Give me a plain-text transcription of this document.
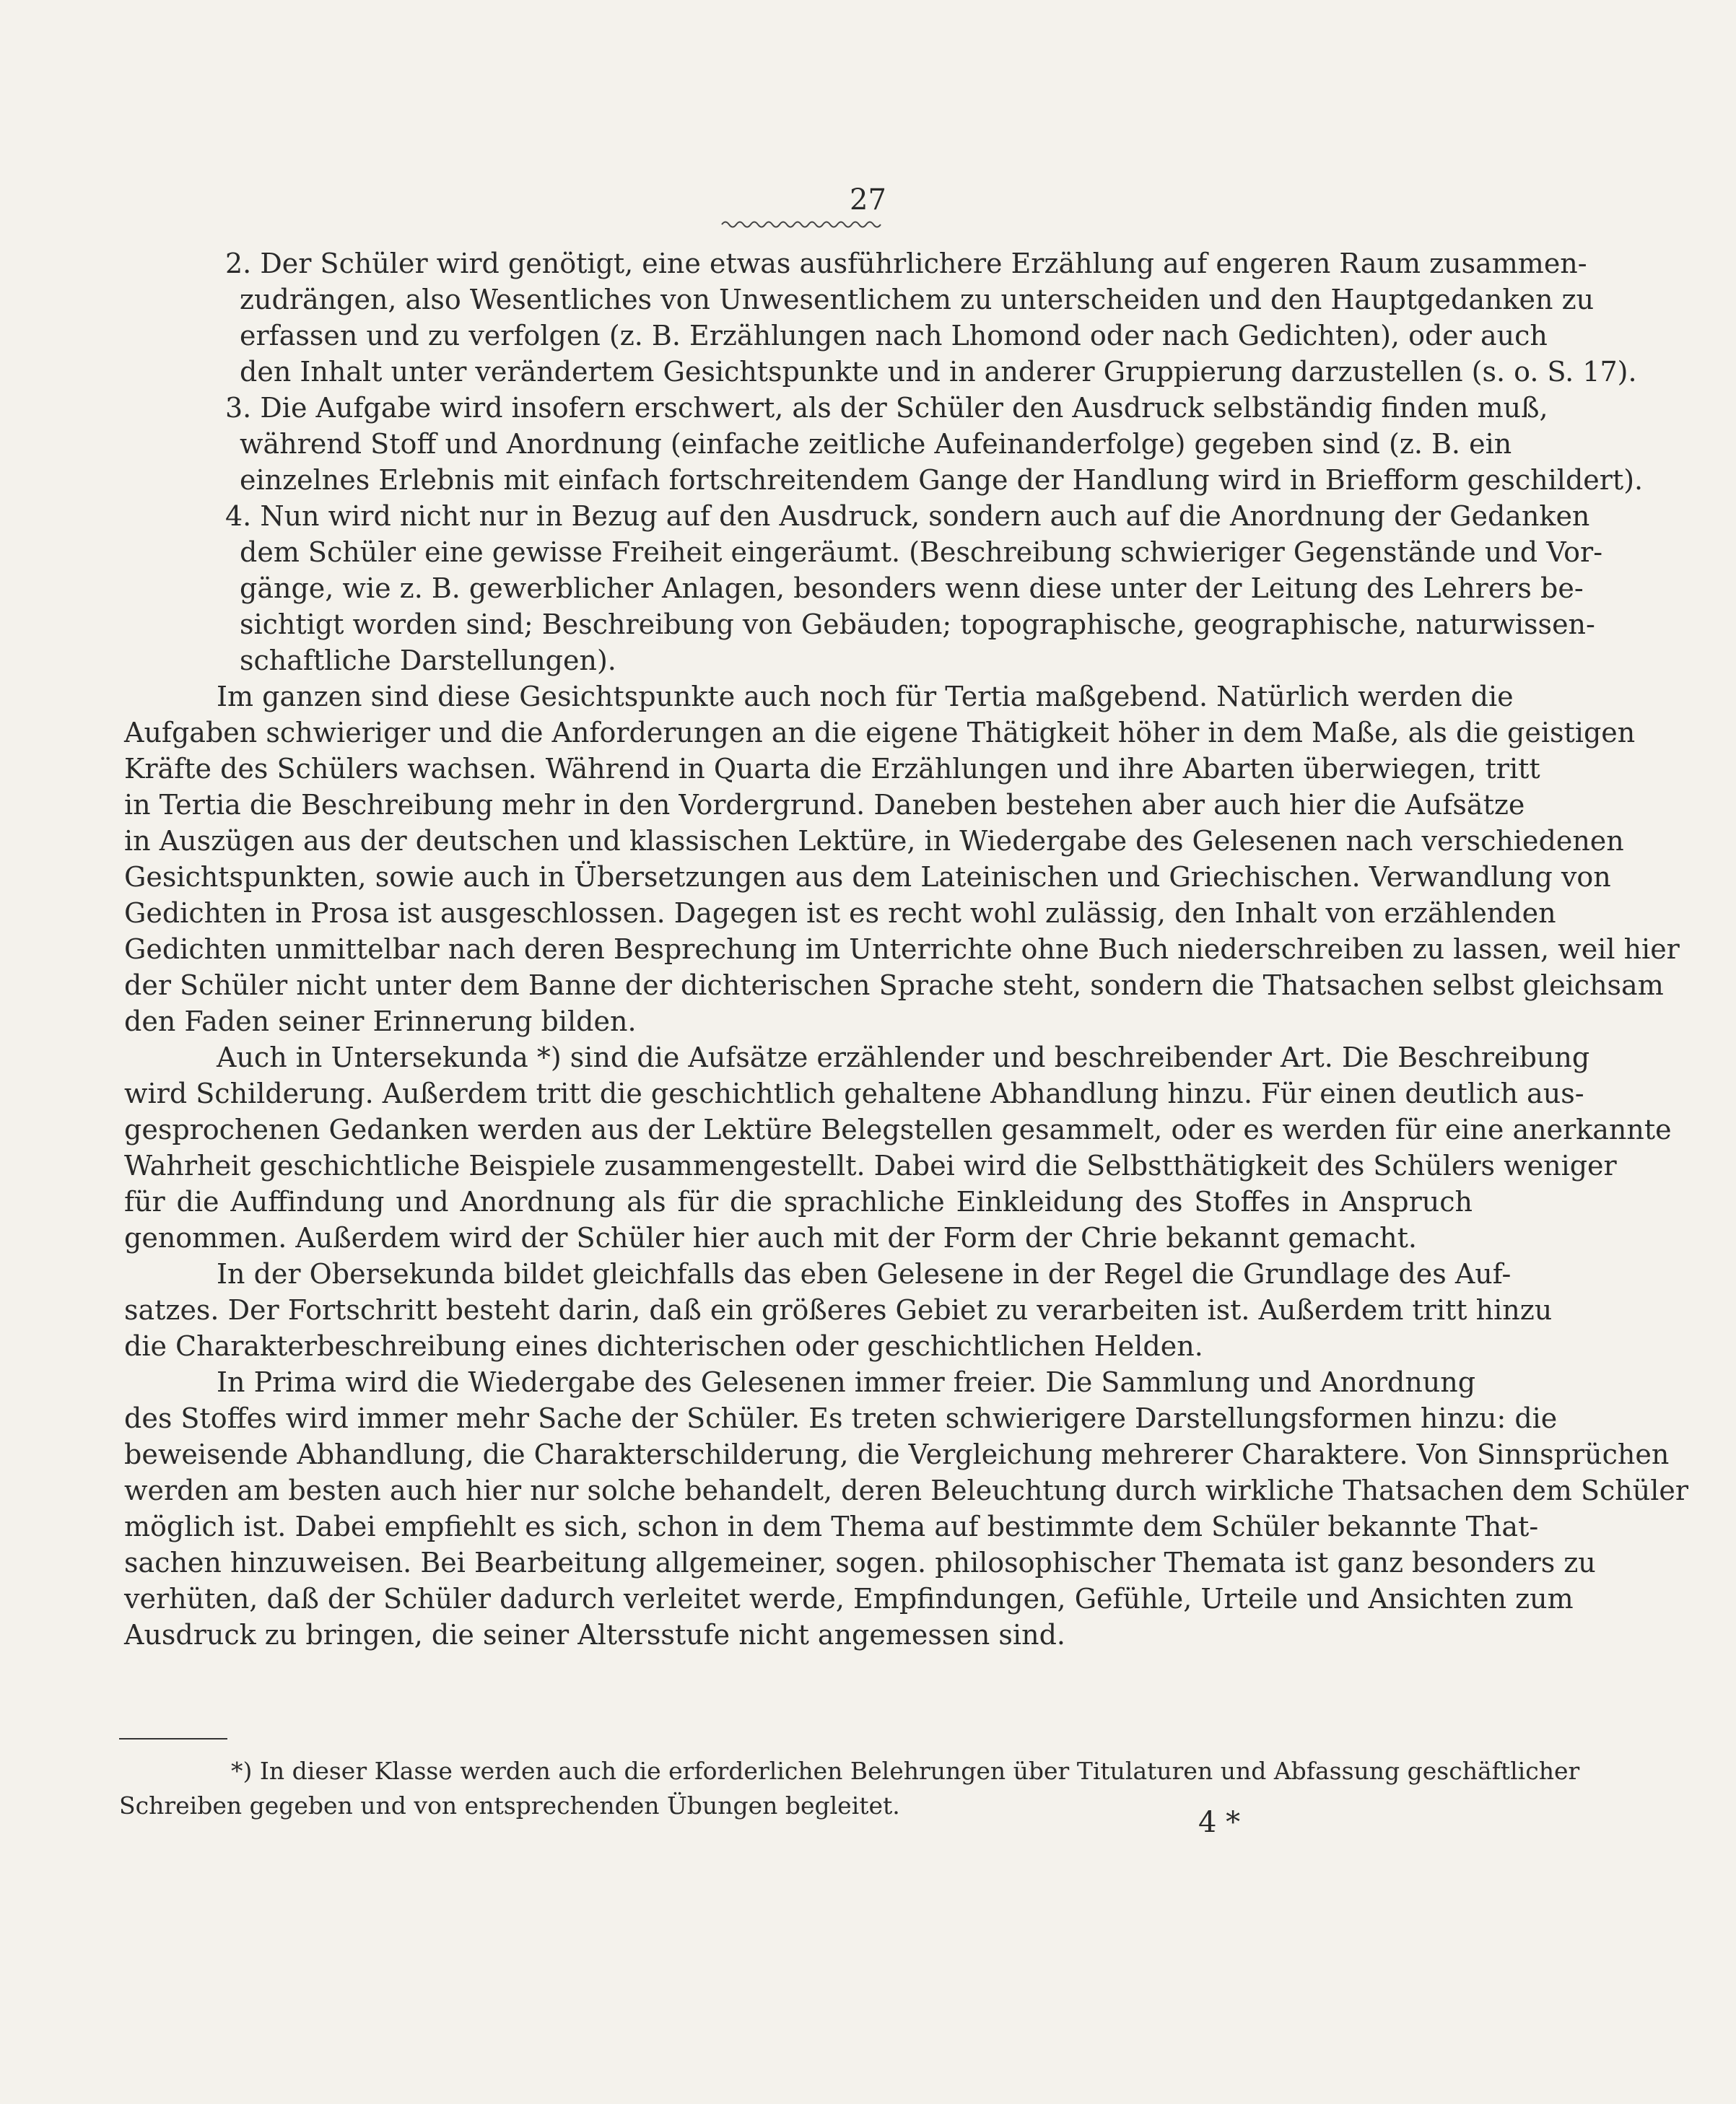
27
2. Der Schüler wird genötigt, eine etwas ausführlichere Erzählung auf engeren Raum zusammen-
zudrängen, also Wesentliches von Unwesentlichem zu unterscheiden und den Hauptgedanken zu
erfassen und zu verfolgen (z. B. Erzählungen nach Lhomond oder nach Gedichten), oder auch
den Inhalt unter verändertem Gesichtspunkte und in anderer Gruppierung darzustellen (s. o. S. 17).
3. Die Aufgabe wird insofern erschwert, als der Schüler den Ausdruck selbständig finden muß,
während Stoff und Anordnung (einfache zeitliche Aufeinanderfolge) gegeben sind (z. B. ein
einzelnes Erlebnis mit einfach fortschreitendem Gange der Handlung wird in Briefform geschildert).
4. Nun wird nicht nur in Bezug auf den Ausdruck, sondern auch auf die Anordnung der Gedanken
dem Schüler eine gewisse Freiheit eingeräumt. (Beschreibung schwieriger Gegenstände und Vor-
gänge, wie z. B. gewerblicher Anlagen, besonders wenn diese unter der Leitung des Lehrers be-
sichtigt worden sind; Beschreibung von Gebäuden; topographische, geographische, naturwissen-
schaftliche Darstellungen).
Im ganzen sind diese Gesichtspunkte auch noch für Tertia maßgebend. Natürlich werden die
Aufgaben schwieriger und die Anforderungen an die eigene Thätigkeit höher in dem Maße, als die geistigen
Kräfte des Schülers wachsen. Während in Quarta die Erzählungen und ihre Abarten überwiegen, tritt
in Tertia die Beschreibung mehr in den Vordergrund. Daneben bestehen aber auch hier die Aufsätze
in Auszügen aus der deutschen und klassischen Lektüre, in Wiedergabe des Gelesenen nach verschiedenen
Gesichtspunkten, sowie auch in Übersetzungen aus dem Lateinischen und Griechischen. Verwandlung von
Gedichten in Prosa ist ausgeschlossen. Dagegen ist es recht wohl zulässig, den Inhalt von erzählenden
Gedichten unmittelbar nach deren Besprechung im Unterrichte ohne Buch niederschreiben zu lassen, weil hier
der Schüler nicht unter dem Banne der dichterischen Sprache steht, sondern die Thatsachen selbst gleichsam
den Faden seiner Erinnerung bilden.
Auch in Untersekunda *) sind die Aufsätze erzählender und beschreibender Art. Die Beschreibung
wird Schilderung. Außerdem tritt die geschichtlich gehaltene Abhandlung hinzu. Für einen deutlich aus-
gesprochenen Gedanken werden aus der Lektüre Belegstellen gesammelt, oder es werden für eine anerkannte
Wahrheit geschichtliche Beispiele zusammengestellt. Dabei wird die Selbstthätigkeit des Schülers weniger
für die Auffindung und Anordnung als für die sprachliche Einkleidung des Stoffes in Anspruch
genommen. Außerdem wird der Schüler hier auch mit der Form der Chrie bekannt gemacht.
In der Obersekunda bildet gleichfalls das eben Gelesene in der Regel die Grundlage des Auf-
satzes. Der Fortschritt besteht darin, daß ein größeres Gebiet zu verarbeiten ist. Außerdem tritt hinzu
die Charakterbeschreibung eines dichterischen oder geschichtlichen Helden.
In Prima wird die Wiedergabe des Gelesenen immer freier. Die Sammlung und Anordnung
des Stoffes wird immer mehr Sache der Schüler. Es treten schwierigere Darstellungsformen hinzu: die
beweisende Abhandlung, die Charakterschilderung, die Vergleichung mehrerer Charaktere. Von Sinnsprüchen
werden am besten auch hier nur solche behandelt, deren Beleuchtung durch wirkliche Thatsachen dem Schüler
möglich ist. Dabei empfiehlt es sich, schon in dem Thema auf bestimmte dem Schüler bekannte That-
sachen hinzuweisen. Bei Bearbeitung allgemeiner, sogen. philosophischer Themata ist ganz besonders zu
verhüten, daß der Schüler dadurch verleitet werde, Empfindungen, Gefühle, Urteile und Ansichten zum
Ausdruck zu bringen, die seiner Altersstufe nicht angemessen sind.
*) In dieser Klasse werden auch die erforderlichen Belehrungen über Titulaturen und Abfassung geschäftlicher
Schreiben gegeben und von entsprechenden Übungen begleitet.
4 *
